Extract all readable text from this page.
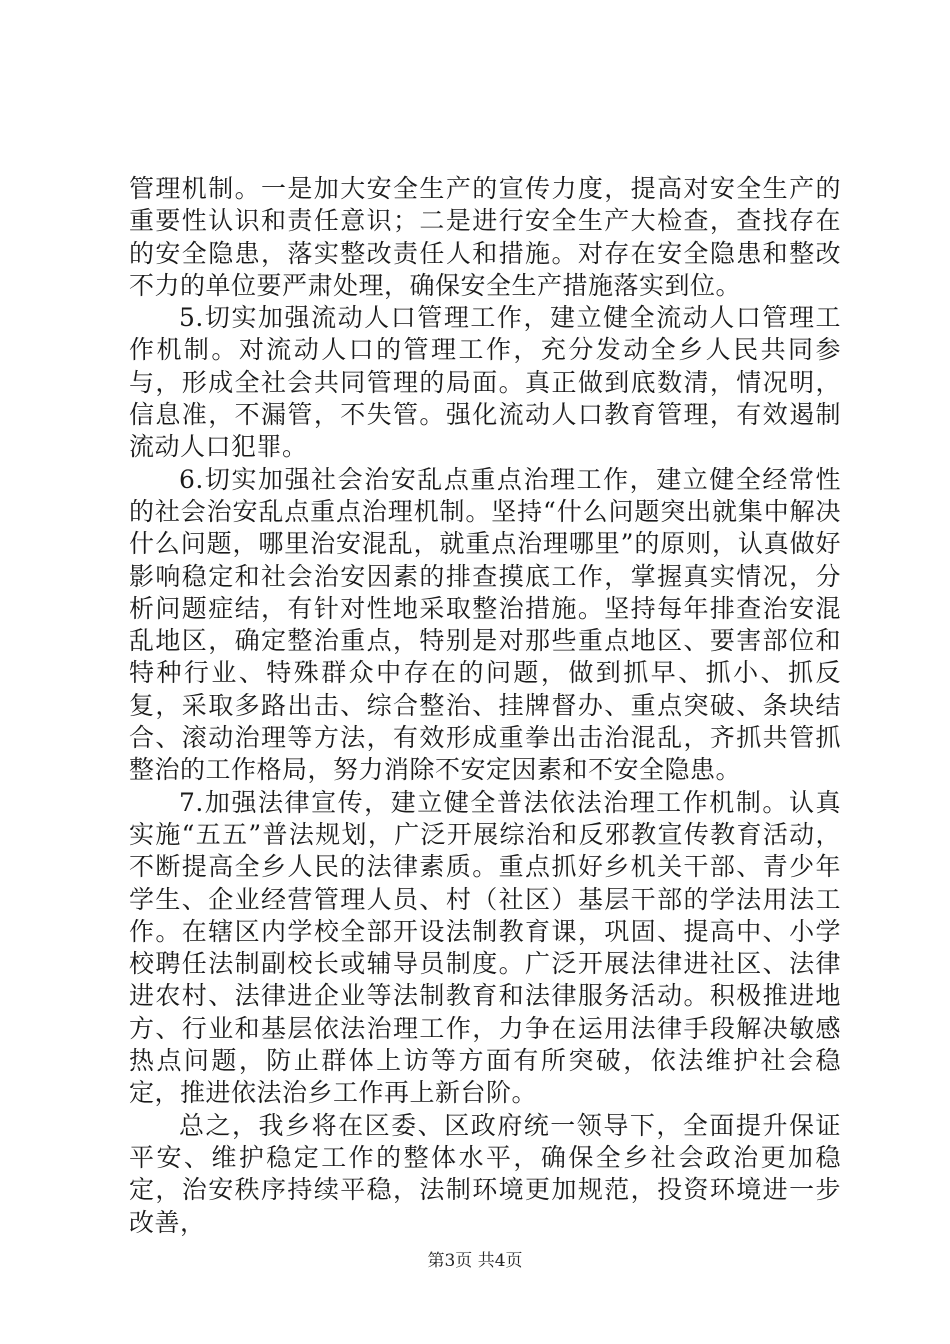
管理机制。一是加大安全生产的宣传力度，提高对安全生产的重要性认识和责任意识；二是进行安全生产大检查，查找存在的安全隐患，落实整改责任人和措施。对存在安全隐患和整改不力的单位要严肃处理，确保安全生产措施落实到位。

5.切实加强流动人口管理工作，建立健全流动人口管理工作机制。对流动人口的管理工作，充分发动全乡人民共同参与，形成全社会共同管理的局面。真正做到底数清，情况明，信息准，不漏管，不失管。强化流动人口教育管理，有效遏制流动人口犯罪。

6.切实加强社会治安乱点重点治理工作，建立健全经常性的社会治安乱点重点治理机制。坚持“什么问题突出就集中解决什么问题，哪里治安混乱，就重点治理哪里”的原则，认真做好影响稳定和社会治安因素的排查摸底工作，掌握真实情况，分析问题症结，有针对性地采取整治措施。坚持每年排查治安混乱地区，确定整治重点，特别是对那些重点地区、要害部位和特种行业、特殊群众中存在的问题，做到抓早、抓小、抓反复，采取多路出击、综合整治、挂牌督办、重点突破、条块结合、滚动治理等方法，有效形成重拳出击治混乱，齐抓共管抓整治的工作格局，努力消除不安定因素和不安全隐患。

7.加强法律宣传，建立健全普法依法治理工作机制。认真实施“五五”普法规划，广泛开展综治和反邪教宣传教育活动，不断提高全乡人民的法律素质。重点抓好乡机关干部、青少年学生、企业经营管理人员、村（社区）基层干部的学法用法工作。在辖区内学校全部开设法制教育课，巩固、提高中、小学校聘任法制副校长或辅导员制度。广泛开展法律进社区、法律进农村、法律进企业等法制教育和法律服务活动。积极推进地方、行业和基层依法治理工作，力争在运用法律手段解决敏感热点问题，防止群体上访等方面有所突破，依法维护社会稳定，推进依法治乡工作再上新台阶。

总之，我乡将在区委、区政府统一领导下，全面提升保证平安、维护稳定工作的整体水平，确保全乡社会政治更加稳定，治安秩序持续平稳，法制环境更加规范，投资环境进一步改善，

第3页 共4页
